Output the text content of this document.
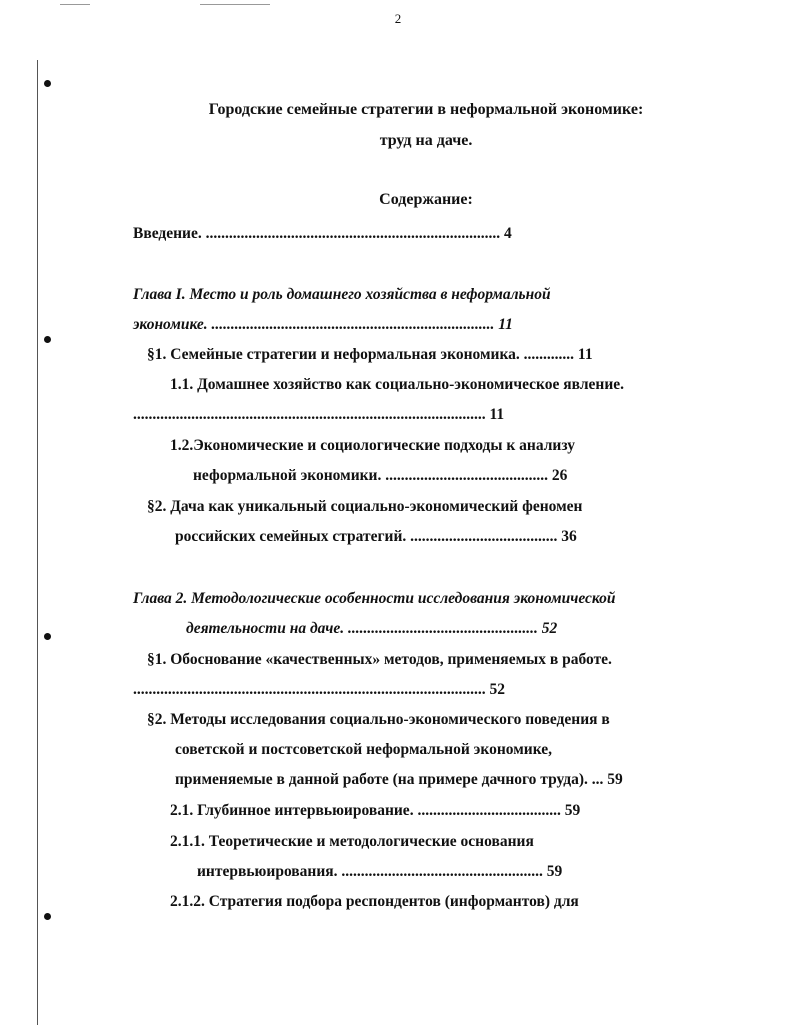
2
Городские семейные стратегии в неформальной экономике:
труд на даче.
Содержание:
Введение. ............................................................................ 4
Глава I. Место и роль домашнего хозяйства в неформальной
экономике. ......................................................................... 11
§1. Семейные стратегии и неформальная экономика. ............. 11
1.1. Домашнее хозяйство как социально-экономическое явление.
........................................................................................... 11
1.2.Экономические и социологические подходы к анализу
неформальной экономики. .......................................... 26
§2. Дача как уникальный социально-экономический феномен
российских семейных стратегий. ...................................... 36
Глава 2. Методологические особенности исследования экономической
деятельности на даче. ................................................. 52
§1. Обоснование «качественных» методов, применяемых в работе.
........................................................................................... 52
§2. Методы исследования социально-экономического поведения в
советской и постсоветской неформальной экономике,
применяемые в данной работе (на примере дачного труда). ... 59
2.1. Глубинное интервьюирование. ..................................... 59
2.1.1. Теоретические и методологические основания
интервьюирования. .................................................... 59
2.1.2. Стратегия подбора респондентов (информантов) для
